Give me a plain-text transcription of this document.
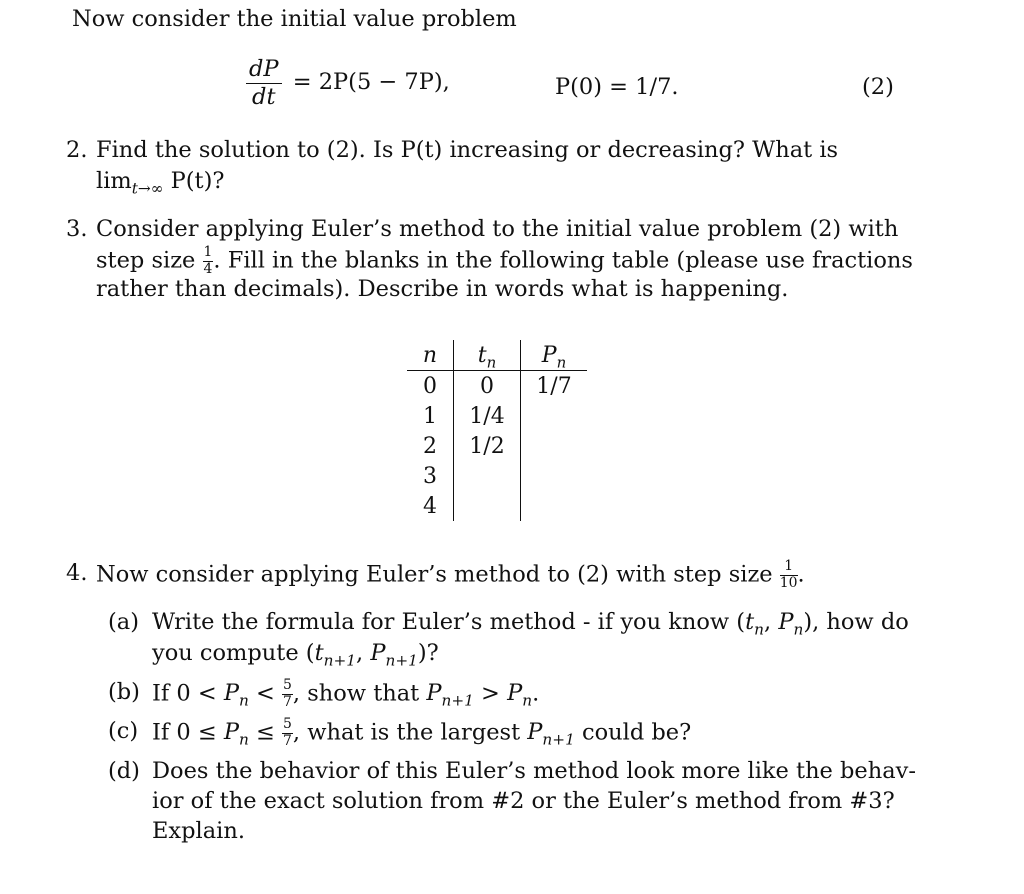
Now consider the initial value problem
$\frac{dP}{dt} = 2P(5 - 7P)$,	P(0) = 1/7.	(2)
2. Find the solution to (2). Is P(t) increasing or decreasing? What is
$\lim_{t\to\infty} P(t)$?
3. Consider applying Euler’s method to the initial value problem (2) with
step size $\frac{1}{4}$ . Fill in the blanks in the following table (please use fractions
rather than decimals). Describe in words what is happening.
n	$t_n$	$P_n$
0	0	1/7
1	1/4	
2	1/2	
3		
4		
4. Now consider applying Euler’s method to (2) with step size $\frac{1}{10}$ .
(a) Write the formula for Euler’s method - if you know ($t_n$, $P_n$), how do
you compute ($t_{n+1}$, $P_{n+1}$)?
(b) If $0 < P_n < \frac{5}{7}$ , show that $P_{n+1} > P_n$.
(c) If $0 \le P_n \le \frac{5}{7}$ , what is the largest $P_{n+1}$ could be?
(d) Does the behavior of this Euler’s method look more like the behav-
ior of the exact solution from #2 or the Euler’s method from #3?
Explain.
